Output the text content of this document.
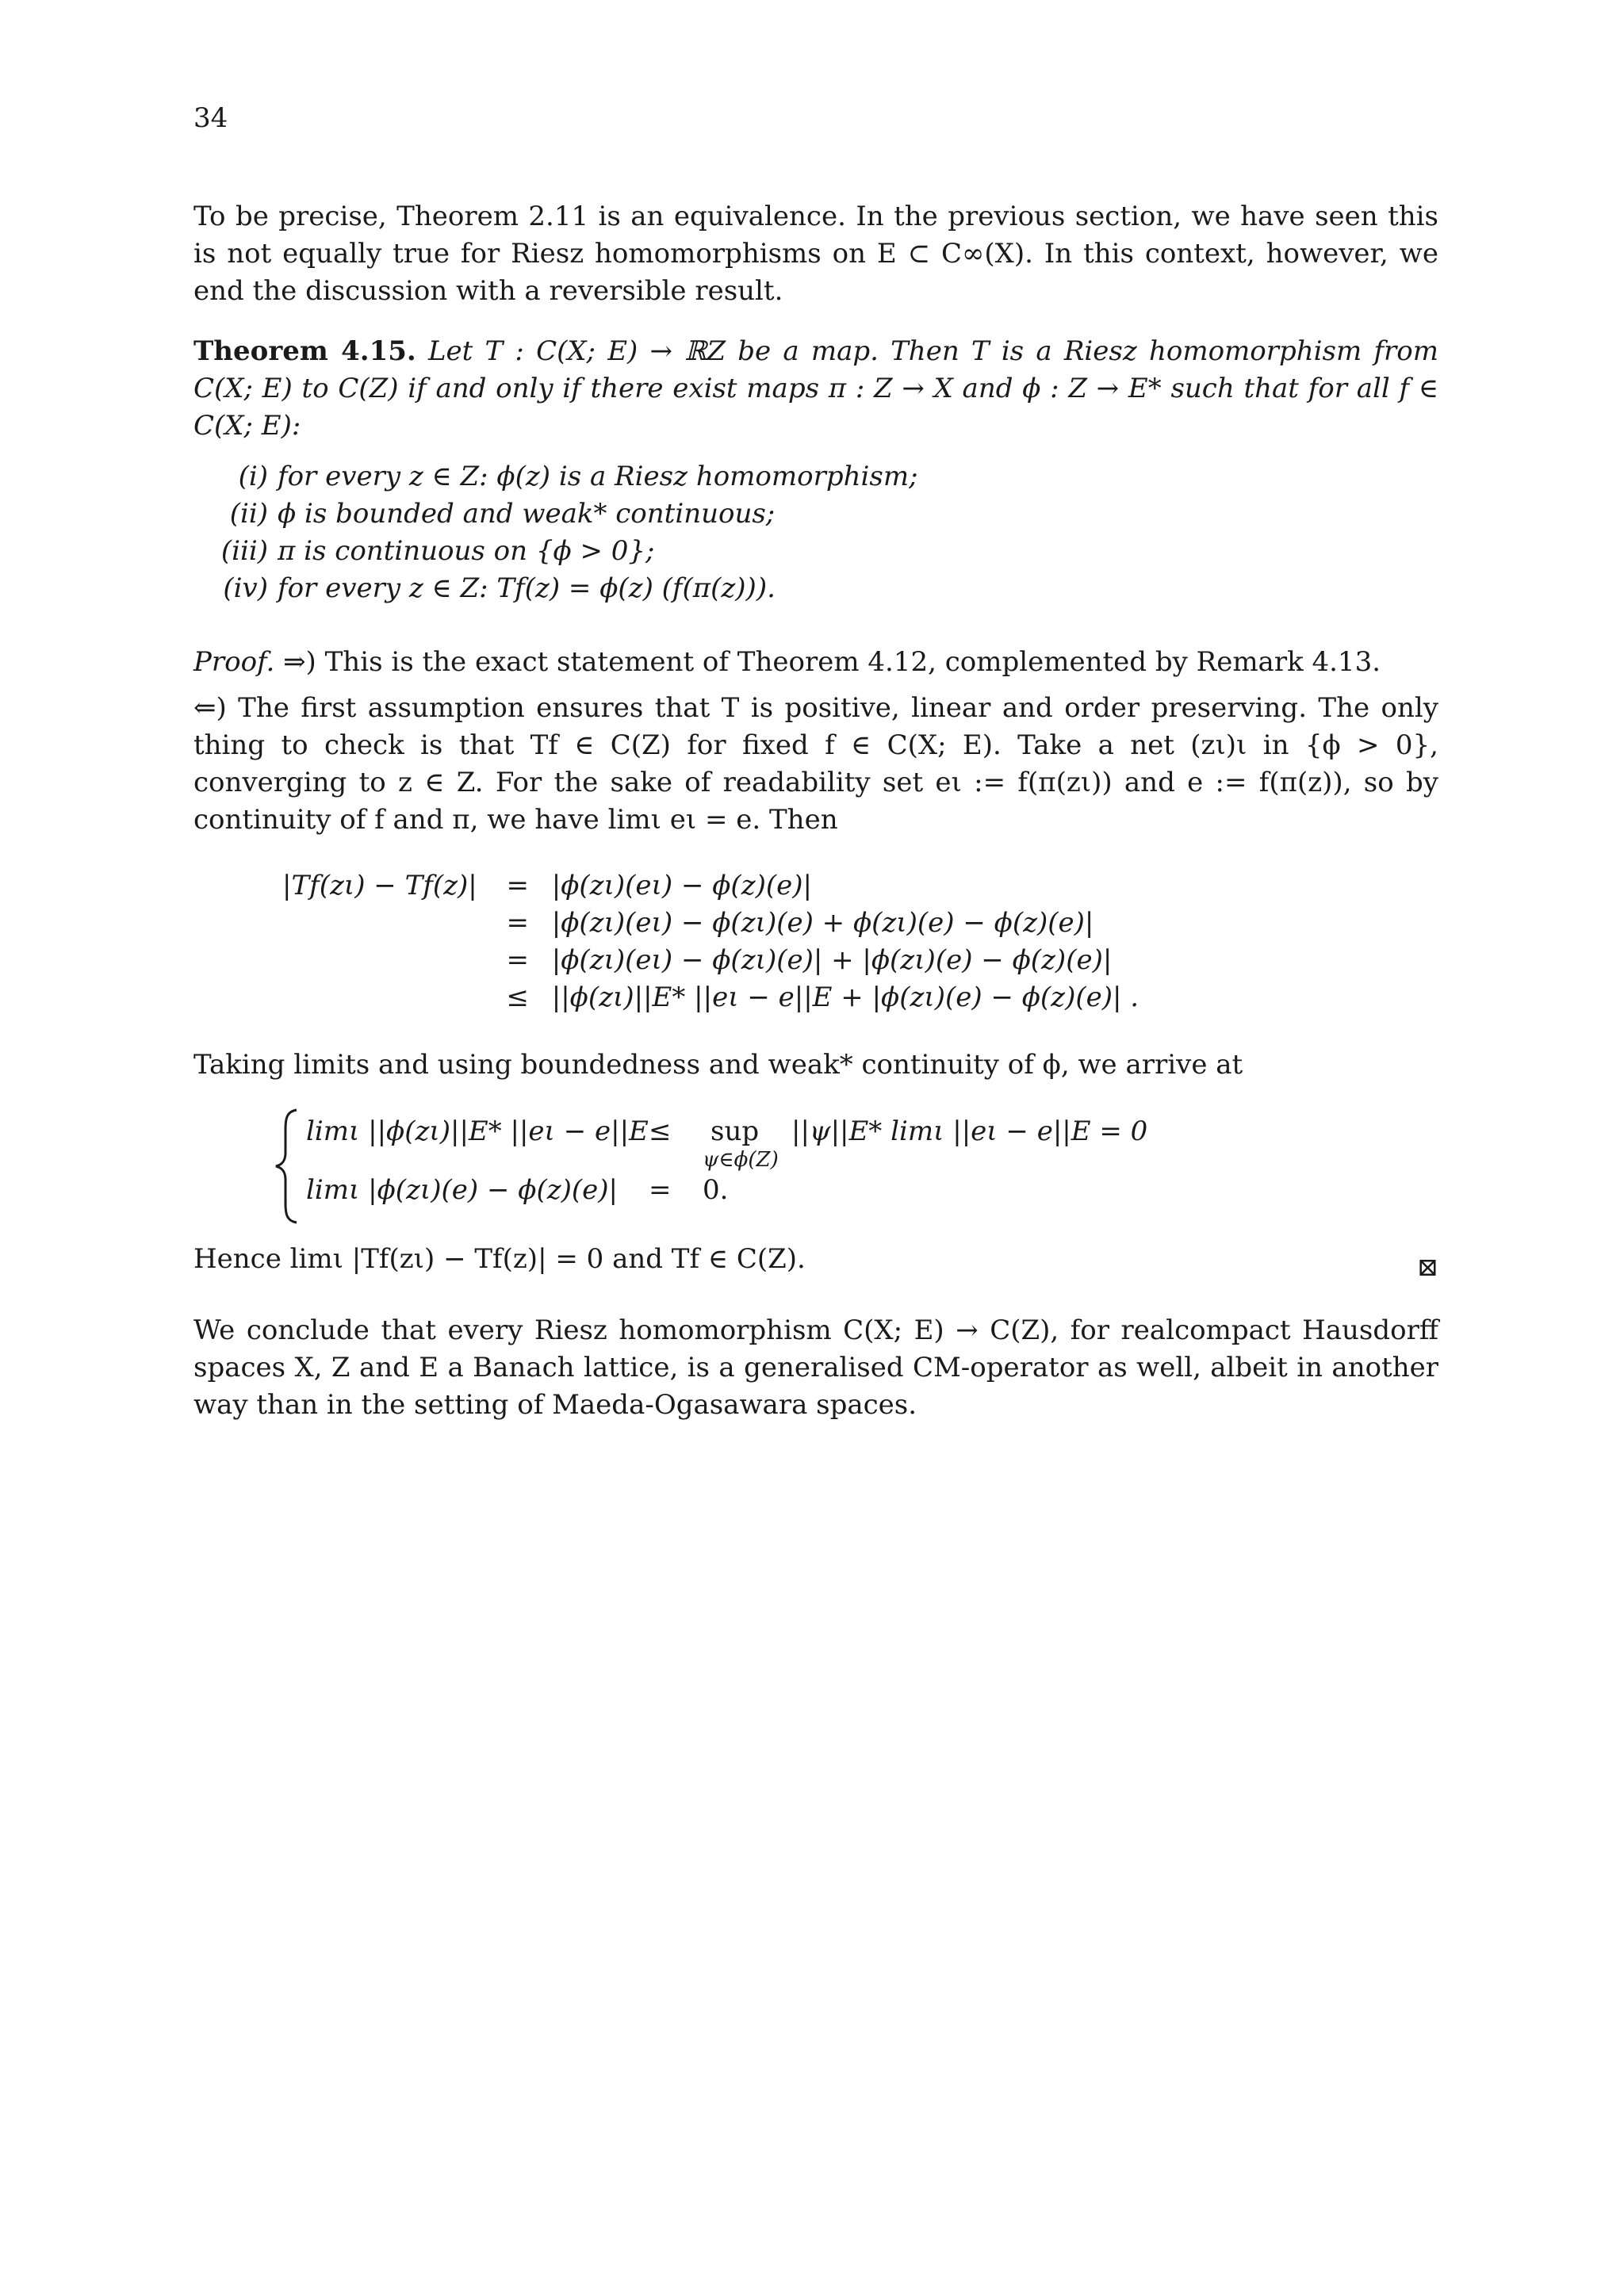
34

To be precise, Theorem 2.11 is an equivalence. In the previous section, we have seen this is not equally true for Riesz homomorphisms on E ⊂ C∞(X). In this context, however, we end the discussion with a reversible result.

Theorem 4.15. Let T : C(X; E) → ℝZ be a map. Then T is a Riesz homomorphism from C(X; E) to C(Z) if and only if there exist maps π : Z → X and ϕ : Z → E* such that for all f ∈ C(X; E):

(i) for every z ∈ Z: ϕ(z) is a Riesz homomorphism;
(ii) ϕ is bounded and weak* continuous;
(iii) π is continuous on {ϕ > 0};
(iv) for every z ∈ Z: Tf(z) = ϕ(z) (f(π(z))).

Proof. ⇒) This is the exact statement of Theorem 4.12, complemented by Remark 4.13.

⇐) The first assumption ensures that T is positive, linear and order preserving. The only thing to check is that Tf ∈ C(Z) for fixed f ∈ C(X; E). Take a net (zι)ι in {ϕ > 0}, converging to z ∈ Z. For the sake of readability set eι := f(π(zι)) and e := f(π(z)), so by continuity of f and π, we have limι eι = e. Then

|Tf(zι) − Tf(z)|	=	|ϕ(zι)(eι) − ϕ(z)(e)|
	=	|ϕ(zι)(eι) − ϕ(zι)(e) + ϕ(zι)(e) − ϕ(z)(e)|
	=	|ϕ(zι)(eι) − ϕ(zι)(e)| + |ϕ(zι)(e) − ϕ(z)(e)|
	≤	||ϕ(zι)||E* ||eι − e||E + |ϕ(zι)(e) − ϕ(z)(e)| .

Taking limits and using boundedness and weak* continuity of ϕ, we arrive at

limι ||ϕ(zι)||E* ||eι − e||E ≤ sup
ψ∈ϕ(Z)
||ψ||E* limι ||eι − e||E = 0
limι |ϕ(zι)(e) − ϕ(z)(e)| = 0.

Hence limι |Tf(zι) − Tf(z)| = 0 and Tf ∈ C(Z).	⊠

We conclude that every Riesz homomorphism C(X; E) → C(Z), for realcompact Hausdorff spaces X, Z and E a Banach lattice, is a generalised CM-operator as well, albeit in another way than in the setting of Maeda-Ogasawara spaces.
